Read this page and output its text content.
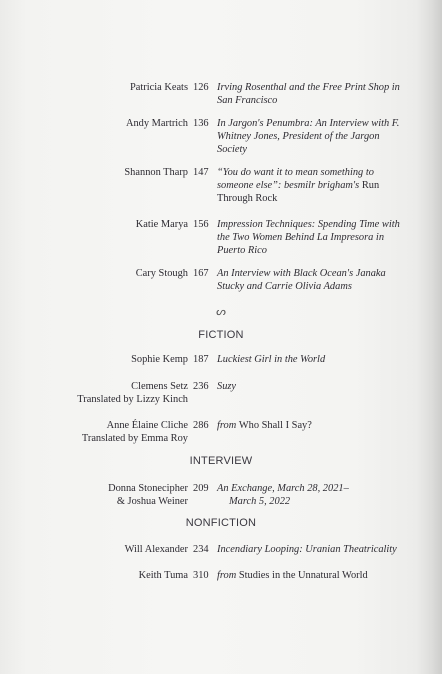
Patricia Keats 126 Irving Rosenthal and the Free Print Shop in San Francisco
Andy Martrich 136 In Jargon's Penumbra: An Interview with F. Whitney Jones, President of the Jargon Society
Shannon Tharp 147 “You do want it to mean something to someone else”: besmilr brigham's Run Through Rock
Katie Marya 156 Impression Techniques: Spending Time with the Two Women Behind La Impresora in Puerto Rico
Cary Stough 167 An Interview with Black Ocean's Janaka Stucky and Carrie Olivia Adams
ᔕ
FICTION
Sophie Kemp 187 Luckiest Girl in the World
Clemens Setz 236 Suzy
Translated by Lizzy Kinch
Anne Élaine Cliche 286 from Who Shall I Say?
Translated by Emma Roy
INTERVIEW
Donna Stonecipher 209 An Exchange, March 28, 2021–
& Joshua Weiner	March 5, 2022
NONFICTION
Will Alexander 234 Incendiary Looping: Uranian Theatricality
Keith Tuma 310 from Studies in the Unnatural World
